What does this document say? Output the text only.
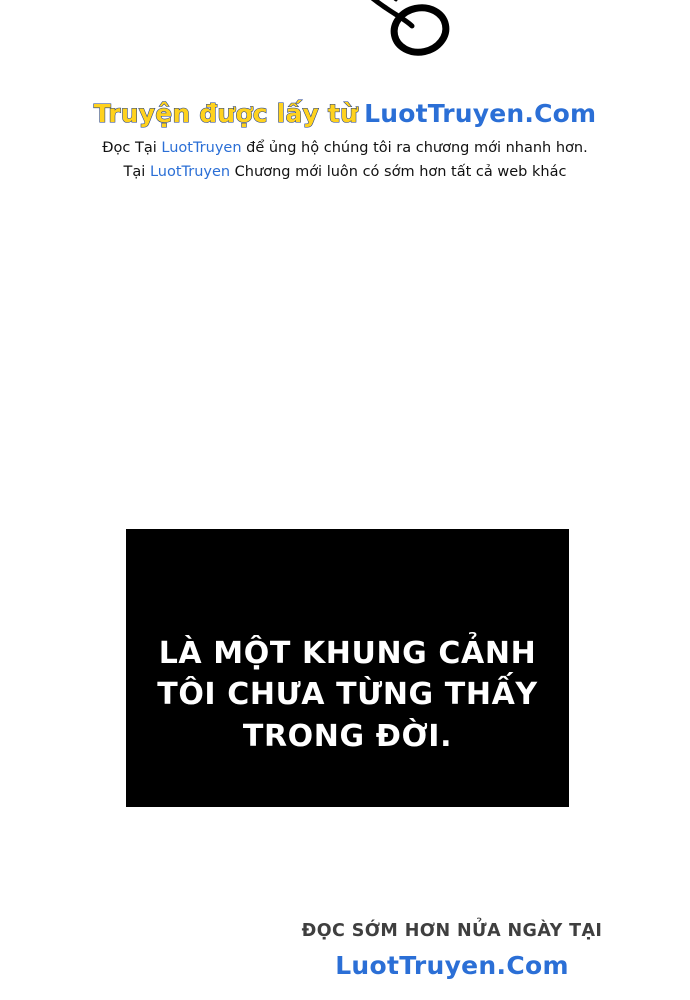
Truyện được lấy từ LuotTruyen.Com
Đọc Tại LuotTruyen để ủng hộ chúng tôi ra chương mới nhanh hơn.
Tại LuotTruyen Chương mới luôn có sớm hơn tất cả web khác
LÀ MỘT KHUNG CẢNH TÔI CHƯA TỪNG THẤY TRONG ĐỜI.
ĐỌC SỚM HƠN NỬA NGÀY TẠI
LuotTruyen.Com
